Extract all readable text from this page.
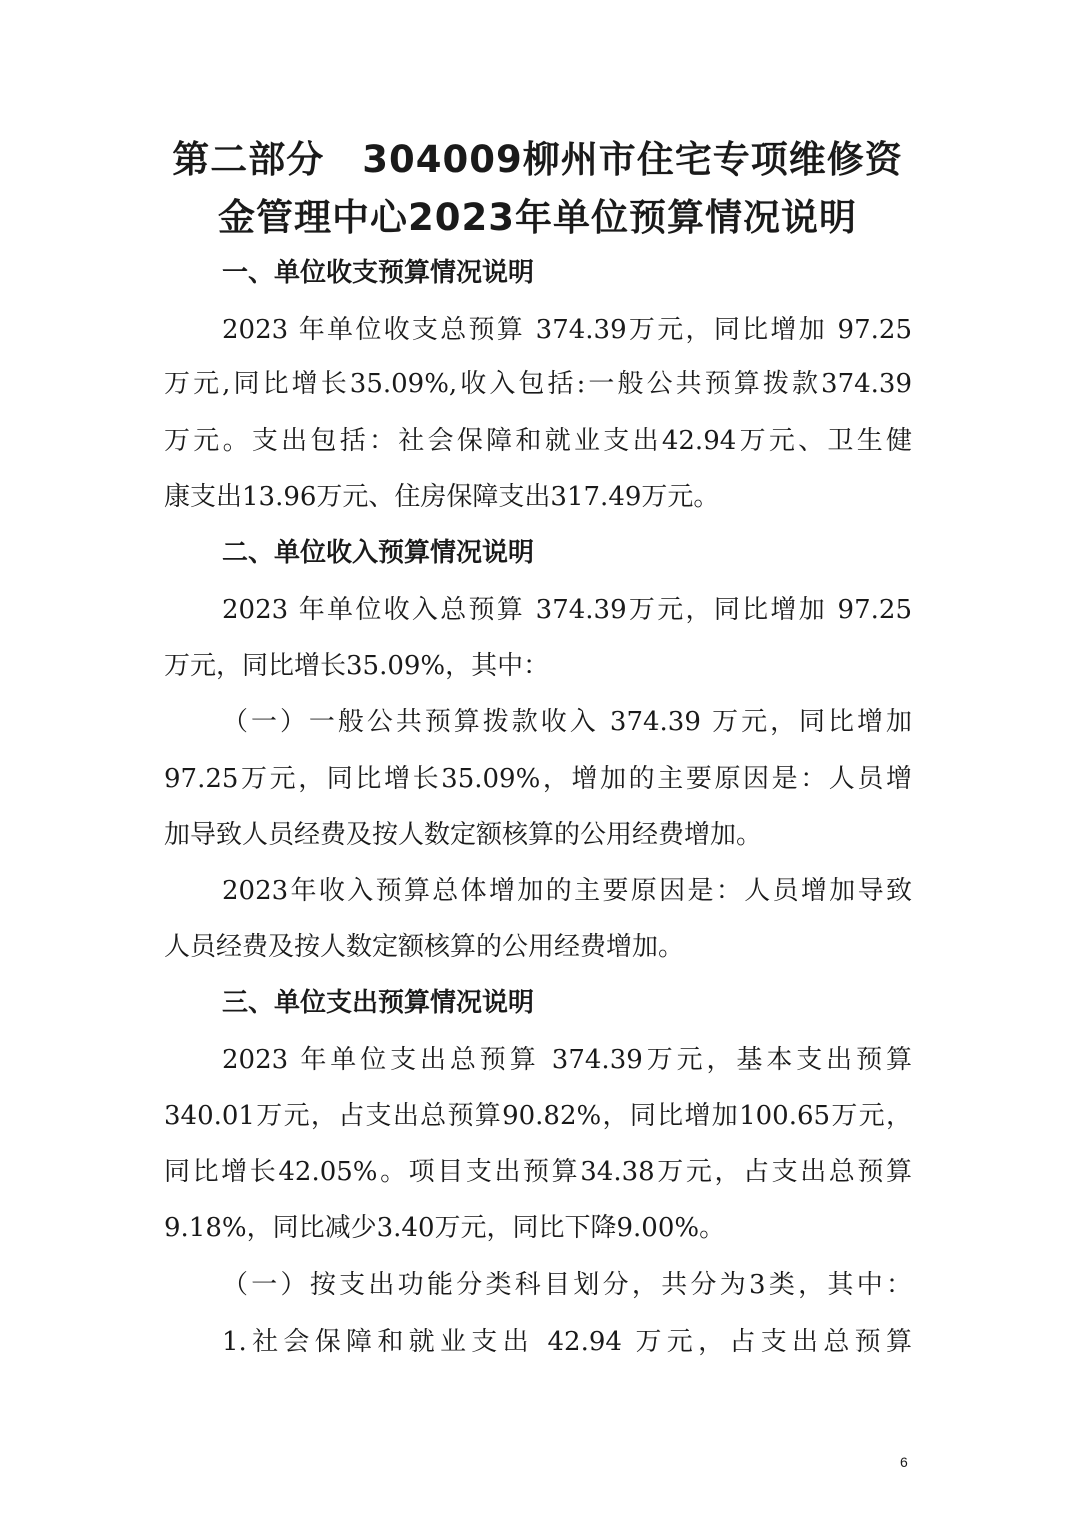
第二部分　304009柳州市住宅专项维修资
金管理中心2023年单位预算情况说明
一、单位收支预算情况说明

2023 年单位收支总预算 374.39万元，同比增加 97.25

万元,同比增长35.09%,收入包括:一般公共预算拨款374.39

万元。支出包括：社会保障和就业支出42.94万元、卫生健

康支出13.96万元、住房保障支出317.49万元。

二、单位收入预算情况说明

2023 年单位收入总预算 374.39万元，同比增加 97.25

万元，同比增长35.09%，其中：

（一）一般公共预算拨款收入 374.39 万元，同比增加

97.25万元，同比增长35.09%，增加的主要原因是：人员增

加导致人员经费及按人数定额核算的公用经费增加。

2023年收入预算总体增加的主要原因是：人员增加导致

人员经费及按人数定额核算的公用经费增加。

三、单位支出预算情况说明

2023 年单位支出总预算 374.39万元，基本支出预算

340.01万元，占支出总预算90.82%，同比增加100.65万元，

同比增长42.05%。项目支出预算34.38万元，占支出总预算

9.18%，同比减少3.40万元，同比下降9.00%。

（一）按支出功能分类科目划分，共分为3类，其中：

1.社会保障和就业支出 42.94 万元，占支出总预算

6
